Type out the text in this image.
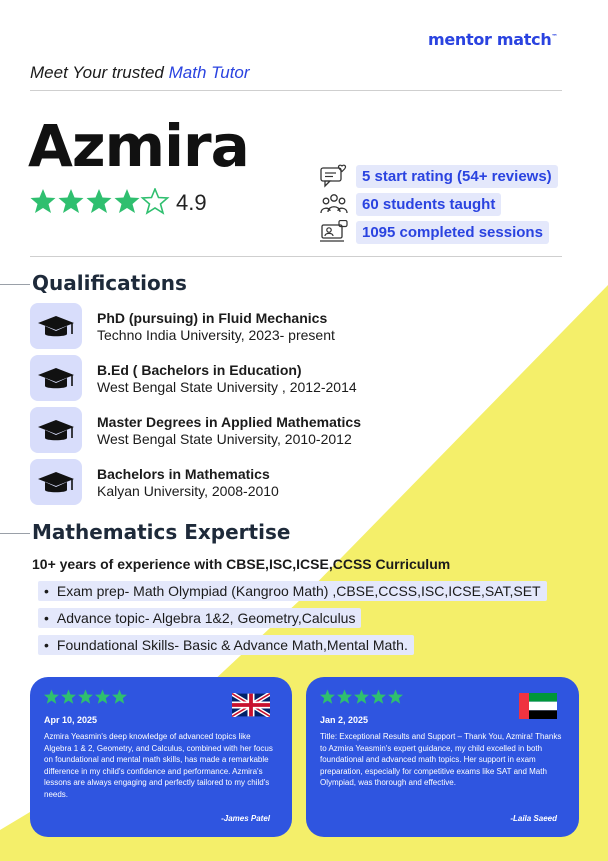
mentor match™
Meet Your trusted Math Tutor
Azmira
4.9
5 start rating (54+ reviews)
60 students taught
1095 completed sessions
Qualifications
PhD (pursuing) in Fluid Mechanics
Techno India University, 2023- present
B.Ed ( Bachelors in Education)
West Bengal State University , 2012-2014
Master Degrees in Applied Mathematics
West Bengal State University, 2010-2012
Bachelors in Mathematics
Kalyan University, 2008-2010
Mathematics Expertise
10+ years of experience with CBSE,ISC,ICSE,CCSS Curriculum
• Exam prep- Math Olympiad (Kangroo Math) ,CBSE,CCSS,ISC,ICSE,SAT,SET
• Advance topic- Algebra 1&2, Geometry,Calculus
• Foundational Skills- Basic & Advance Math,Mental Math.
Apr 10, 2025
Azmira Yeasmin's deep knowledge of advanced topics like Algebra 1 & 2, Geometry, and Calculus, combined with her focus on foundational and mental math skills, has made a remarkable difference in my child's confidence and performance. Azmira's lessons are always engaging and perfectly tailored to my child's needs.
-James Patel
Jan 2, 2025
Title: Exceptional Results and Support – Thank You, Azmira! Thanks to Azmira Yeasmin's expert guidance, my child excelled in both foundational and advanced math topics. Her support in exam preparation, especially for competitive exams like SAT and Math Olympiad, was thorough and effective.
-Laila Saeed
